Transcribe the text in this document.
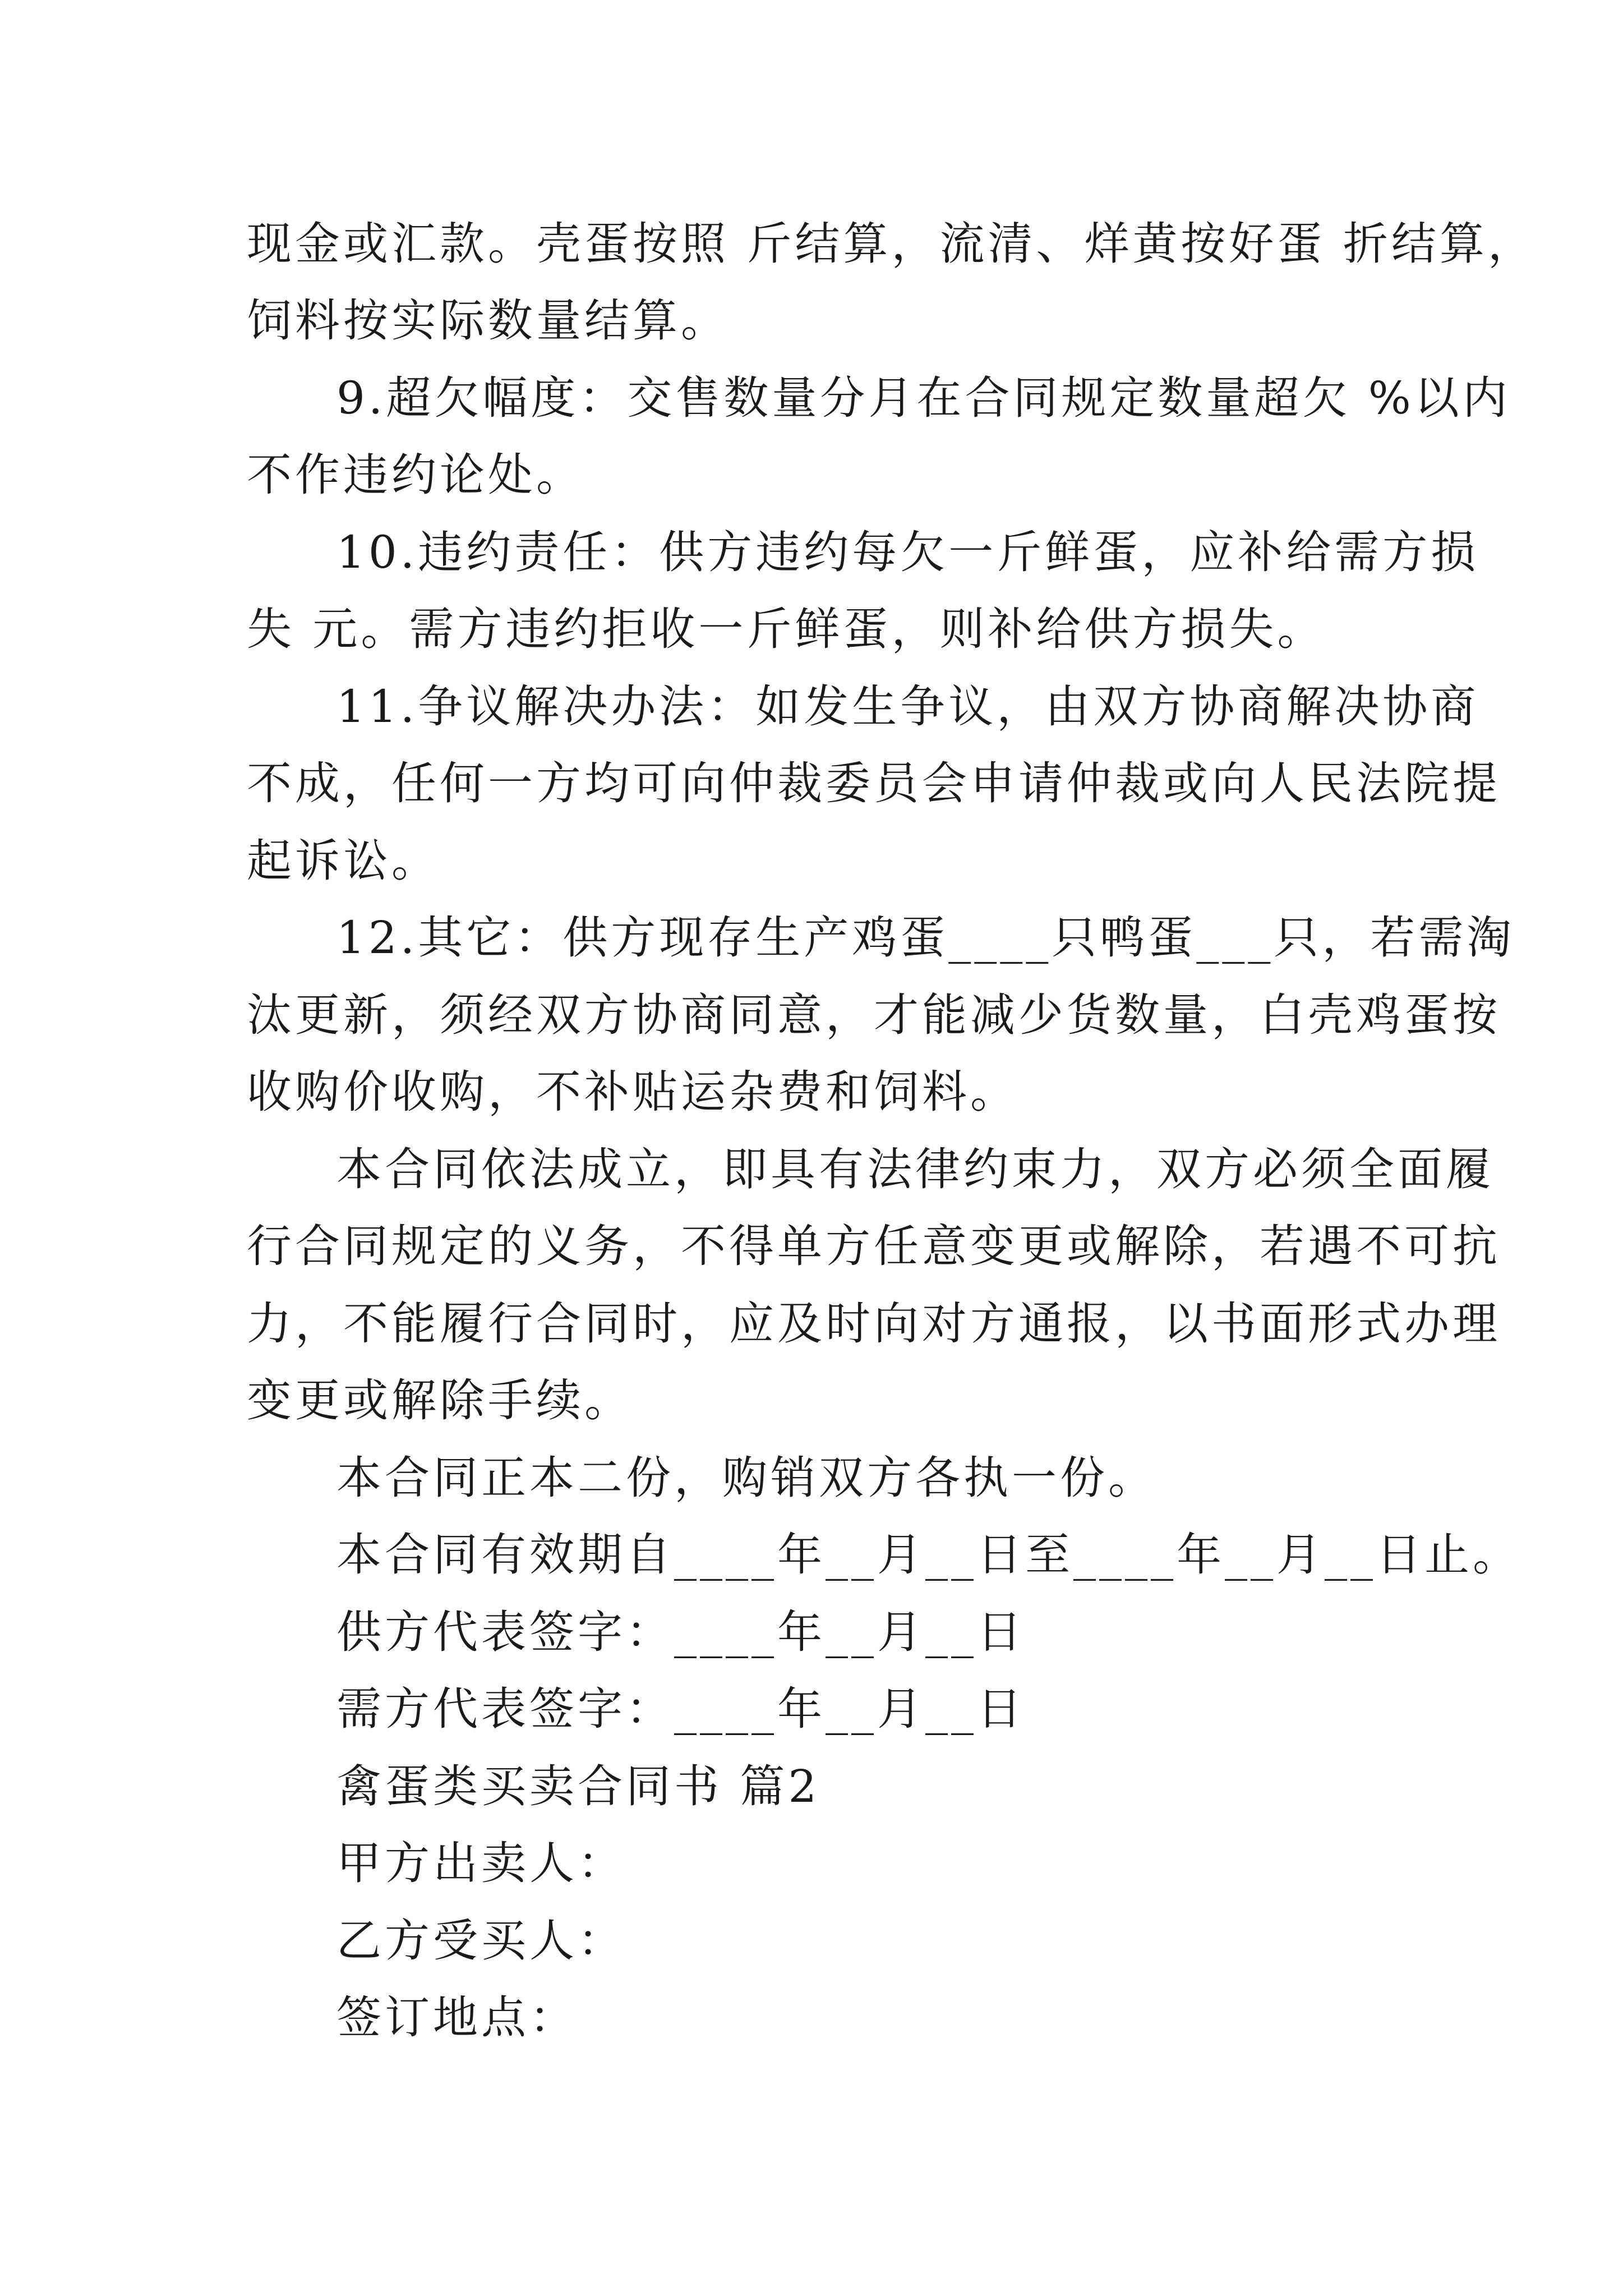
现金或汇款。壳蛋按照 斤结算，流清、烊黄按好蛋 折结算，
饲料按实际数量结算。
9.超欠幅度：交售数量分月在合同规定数量超欠 %以内
不作违约论处。
10.违约责任：供方违约每欠一斤鲜蛋，应补给需方损
失 元。需方违约拒收一斤鲜蛋，则补给供方损失。
11.争议解决办法：如发生争议，由双方协商解决协商
不成，任何一方均可向仲裁委员会申请仲裁或向人民法院提
起诉讼。
12.其它：供方现存生产鸡蛋____只鸭蛋___只，若需淘
汰更新，须经双方协商同意，才能减少货数量，白壳鸡蛋按
收购价收购，不补贴运杂费和饲料。
本合同依法成立，即具有法律约束力，双方必须全面履
行合同规定的义务，不得单方任意变更或解除，若遇不可抗
力，不能履行合同时，应及时向对方通报，以书面形式办理
变更或解除手续。
本合同正本二份，购销双方各执一份。
本合同有效期自____年__月__日至____年__月__日止。
供方代表签字：____年__月__日
需方代表签字：____年__月__日
禽蛋类买卖合同书 篇2
甲方出卖人：
乙方受买人：
签订地点：
